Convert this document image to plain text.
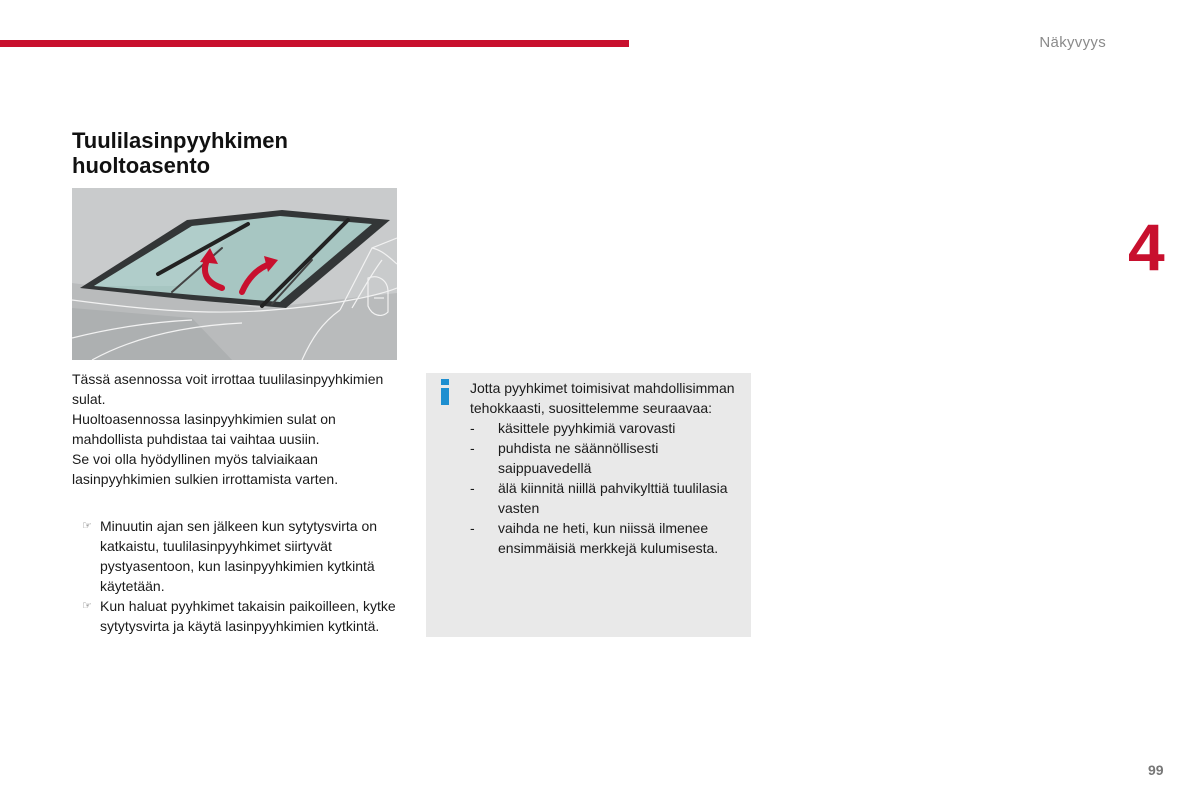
Näkyvyys
4
Tuulilasinpyyhkimen huoltoasento

Tässä asennossa voit irrottaa tuulilasinpyyhkimien sulat.

Huoltoasennossa lasinpyyhkimien sulat on mahdollista puhdistaa tai vaihtaa uusiin.

Se voi olla hyödyllinen myös talviaikaan lasinpyyhkimien sulkien irrottamista varten.

☞ Minuutin ajan sen jälkeen kun sytytysvirta on katkaistu, tuulilasinpyyhkimet siirtyvät pystyasentoon, kun lasinpyyhkimien kytkintä käytetään.
☞ Kun haluat pyyhkimet takaisin paikoilleen, kytke sytytysvirta ja käytä lasinpyyhkimien kytkintä.

Jotta pyyhkimet toimisivat mahdollisimman tehokkaasti, suosittelemme seuraavaa:

- käsittele pyyhkimiä varovasti
- puhdista ne säännöllisesti saippuavedellä
- älä kiinnitä niillä pahvikylttiä tuulilasia vasten
- vaihda ne heti, kun niissä ilmenee ensimmäisiä merkkejä kulumisesta.
99
